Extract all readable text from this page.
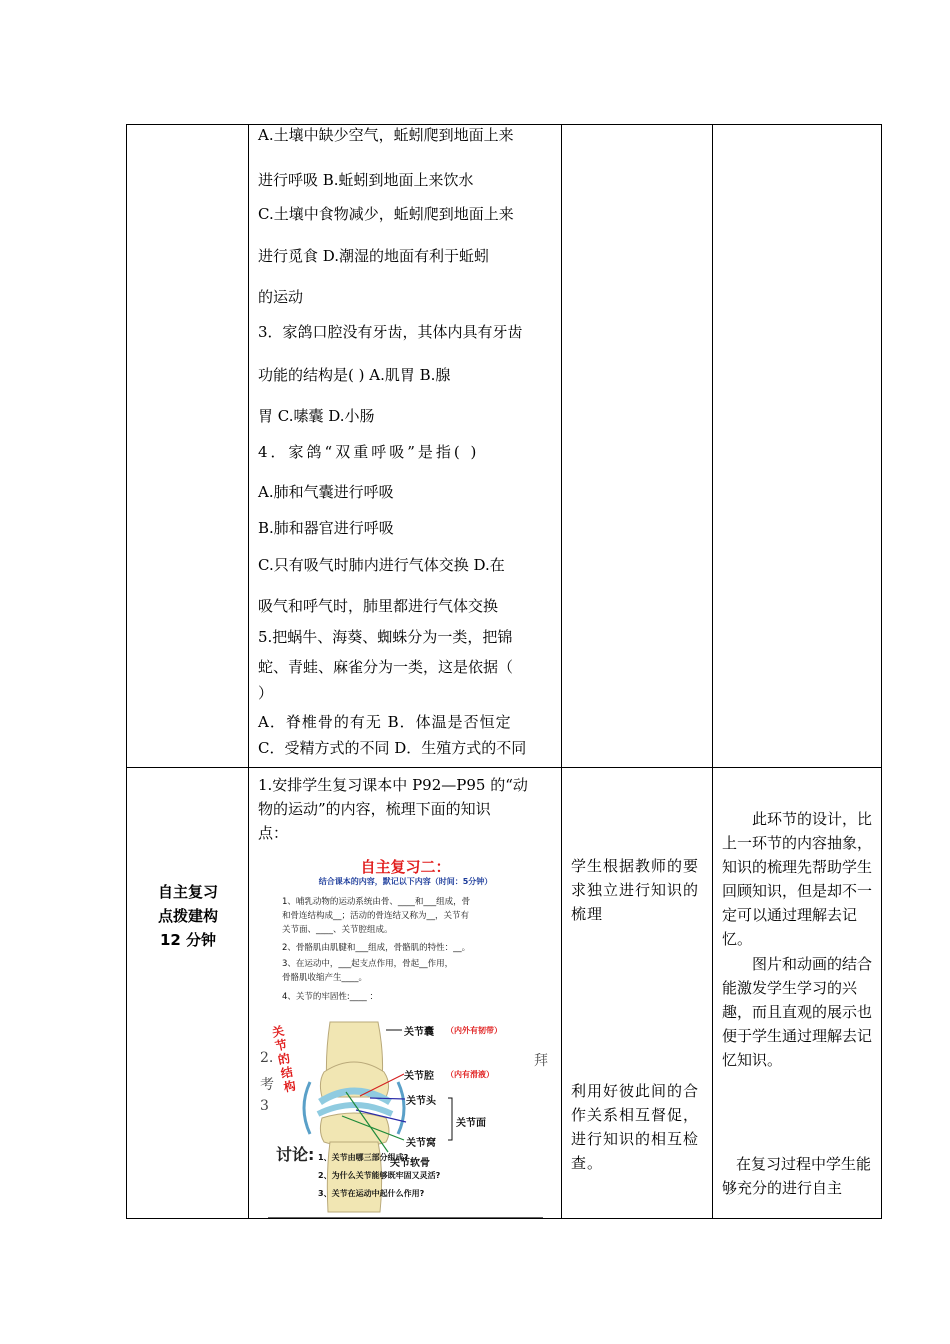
A.土壤中缺少空气，蚯蚓爬到地面上来
进行呼吸 B.蚯蚓到地面上来饮水
C.土壤中食物减少，蚯蚓爬到地面上来
进行觅食 D.潮湿的地面有利于蚯蚓
的运动
3．家鸽口腔没有牙齿，其体内具有牙齿
功能的结构是( ) A.肌胃 B.腺
胃 C.嗉囊 D.小肠
4．家鸽“双重呼吸”是指( )
A.肺和气囊进行呼吸
B.肺和器官进行呼吸
C.只有吸气时肺内进行气体交换 D.在
吸气和呼气时，肺里都进行气体交换
5.把蜗牛、海葵、蜘蛛分为一类，把锦
蛇、青蛙、麻雀分为一类，这是依据（
）
A．脊椎骨的有无 B．体温是否恒定
C．受精方式的不同 D．生殖方式的不同
自主复习
点拨建构
12 分钟
1.安排学生复习课本中 P92—P95 的“动
物的运动”的内容，梳理下面的知识
点：
学生根据教师的要求独立进行知识的梳理
利用好彼此间的合作关系相互督促，进行知识的相互检查。
此环节的设计，比上一环节的内容抽象，知识的梳理先帮助学生回顾知识，但是却不一定可以通过理解去记忆。
图片和动画的结合能激发学生学习的兴趣，而且直观的展示也便于学生通过理解去记忆知识。
在复习过程中学生能够充分的进行自主
自主复习二：
结合课本的内容，默记以下内容（时间：5分钟）
1、哺乳动物的运动系统由骨、____和___组成，骨
和骨连结构成__；活动的骨连结又称为__，关节有
关节面、____、关节腔组成。
2、骨骼肌由肌腱和___组成，骨骼肌的特性：__。
3、在运动中，___起支点作用，骨起__作用，
骨骼肌收缩产生____。
4、关节的牢固性:____ ：
关节的结构
关节囊 （内外有韧带）
关节腔 （内有滑液）
关节头
关节窝
关节面
关节软骨
2.
考
3
拜
讨论: 1、关节由哪三部分组成?
2、为什么关节能够既牢固又灵活?
3、关节在运动中起什么作用?
